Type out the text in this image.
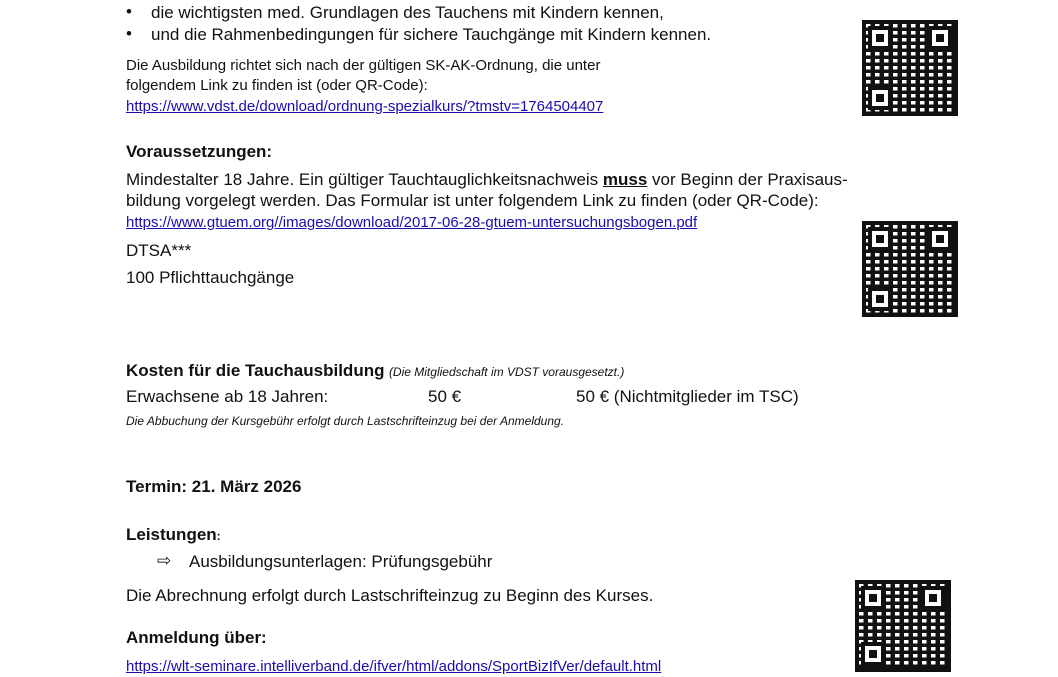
• die wichtigsten med. Grundlagen des Tauchens mit Kindern kennen,
• und die Rahmenbedingungen für sichere Tauchgänge mit Kindern kennen.
Die Ausbildung richtet sich nach der gültigen SK-AK-Ordnung, die unter
folgendem Link zu finden ist (oder QR-Code):
https://www.vdst.de/download/ordnung-spezialkurs/?tmstv=1764504407
Voraussetzungen:
Mindestalter 18 Jahre. Ein gültiger Tauchtauglichkeitsnachweis muss vor Beginn der Praxisaus-
bildung vorgelegt werden. Das Formular ist unter folgendem Link zu finden (oder QR-Code):
https://www.gtuem.org//images/download/2017-06-28-gtuem-untersuchungsbogen.pdf
DTSA***
100 Pflichttauchgänge
Kosten für die Tauchausbildung (Die Mitgliedschaft im VDST vorausgesetzt.)
Erwachsene ab 18 Jahren:	50 €	50 € (Nichtmitglieder im TSC)
Die Abbuchung der Kursgebühr erfolgt durch Lastschrifteinzug bei der Anmeldung.
Termin: 21. März 2026
Leistungen:
⇨ Ausbildungsunterlagen: Prüfungsgebühr
Die Abrechnung erfolgt durch Lastschrifteinzug zu Beginn des Kurses.
Anmeldung über:
https://wlt-seminare.intelliverband.de/ifver/html/addons/SportBizIfVer/default.html
